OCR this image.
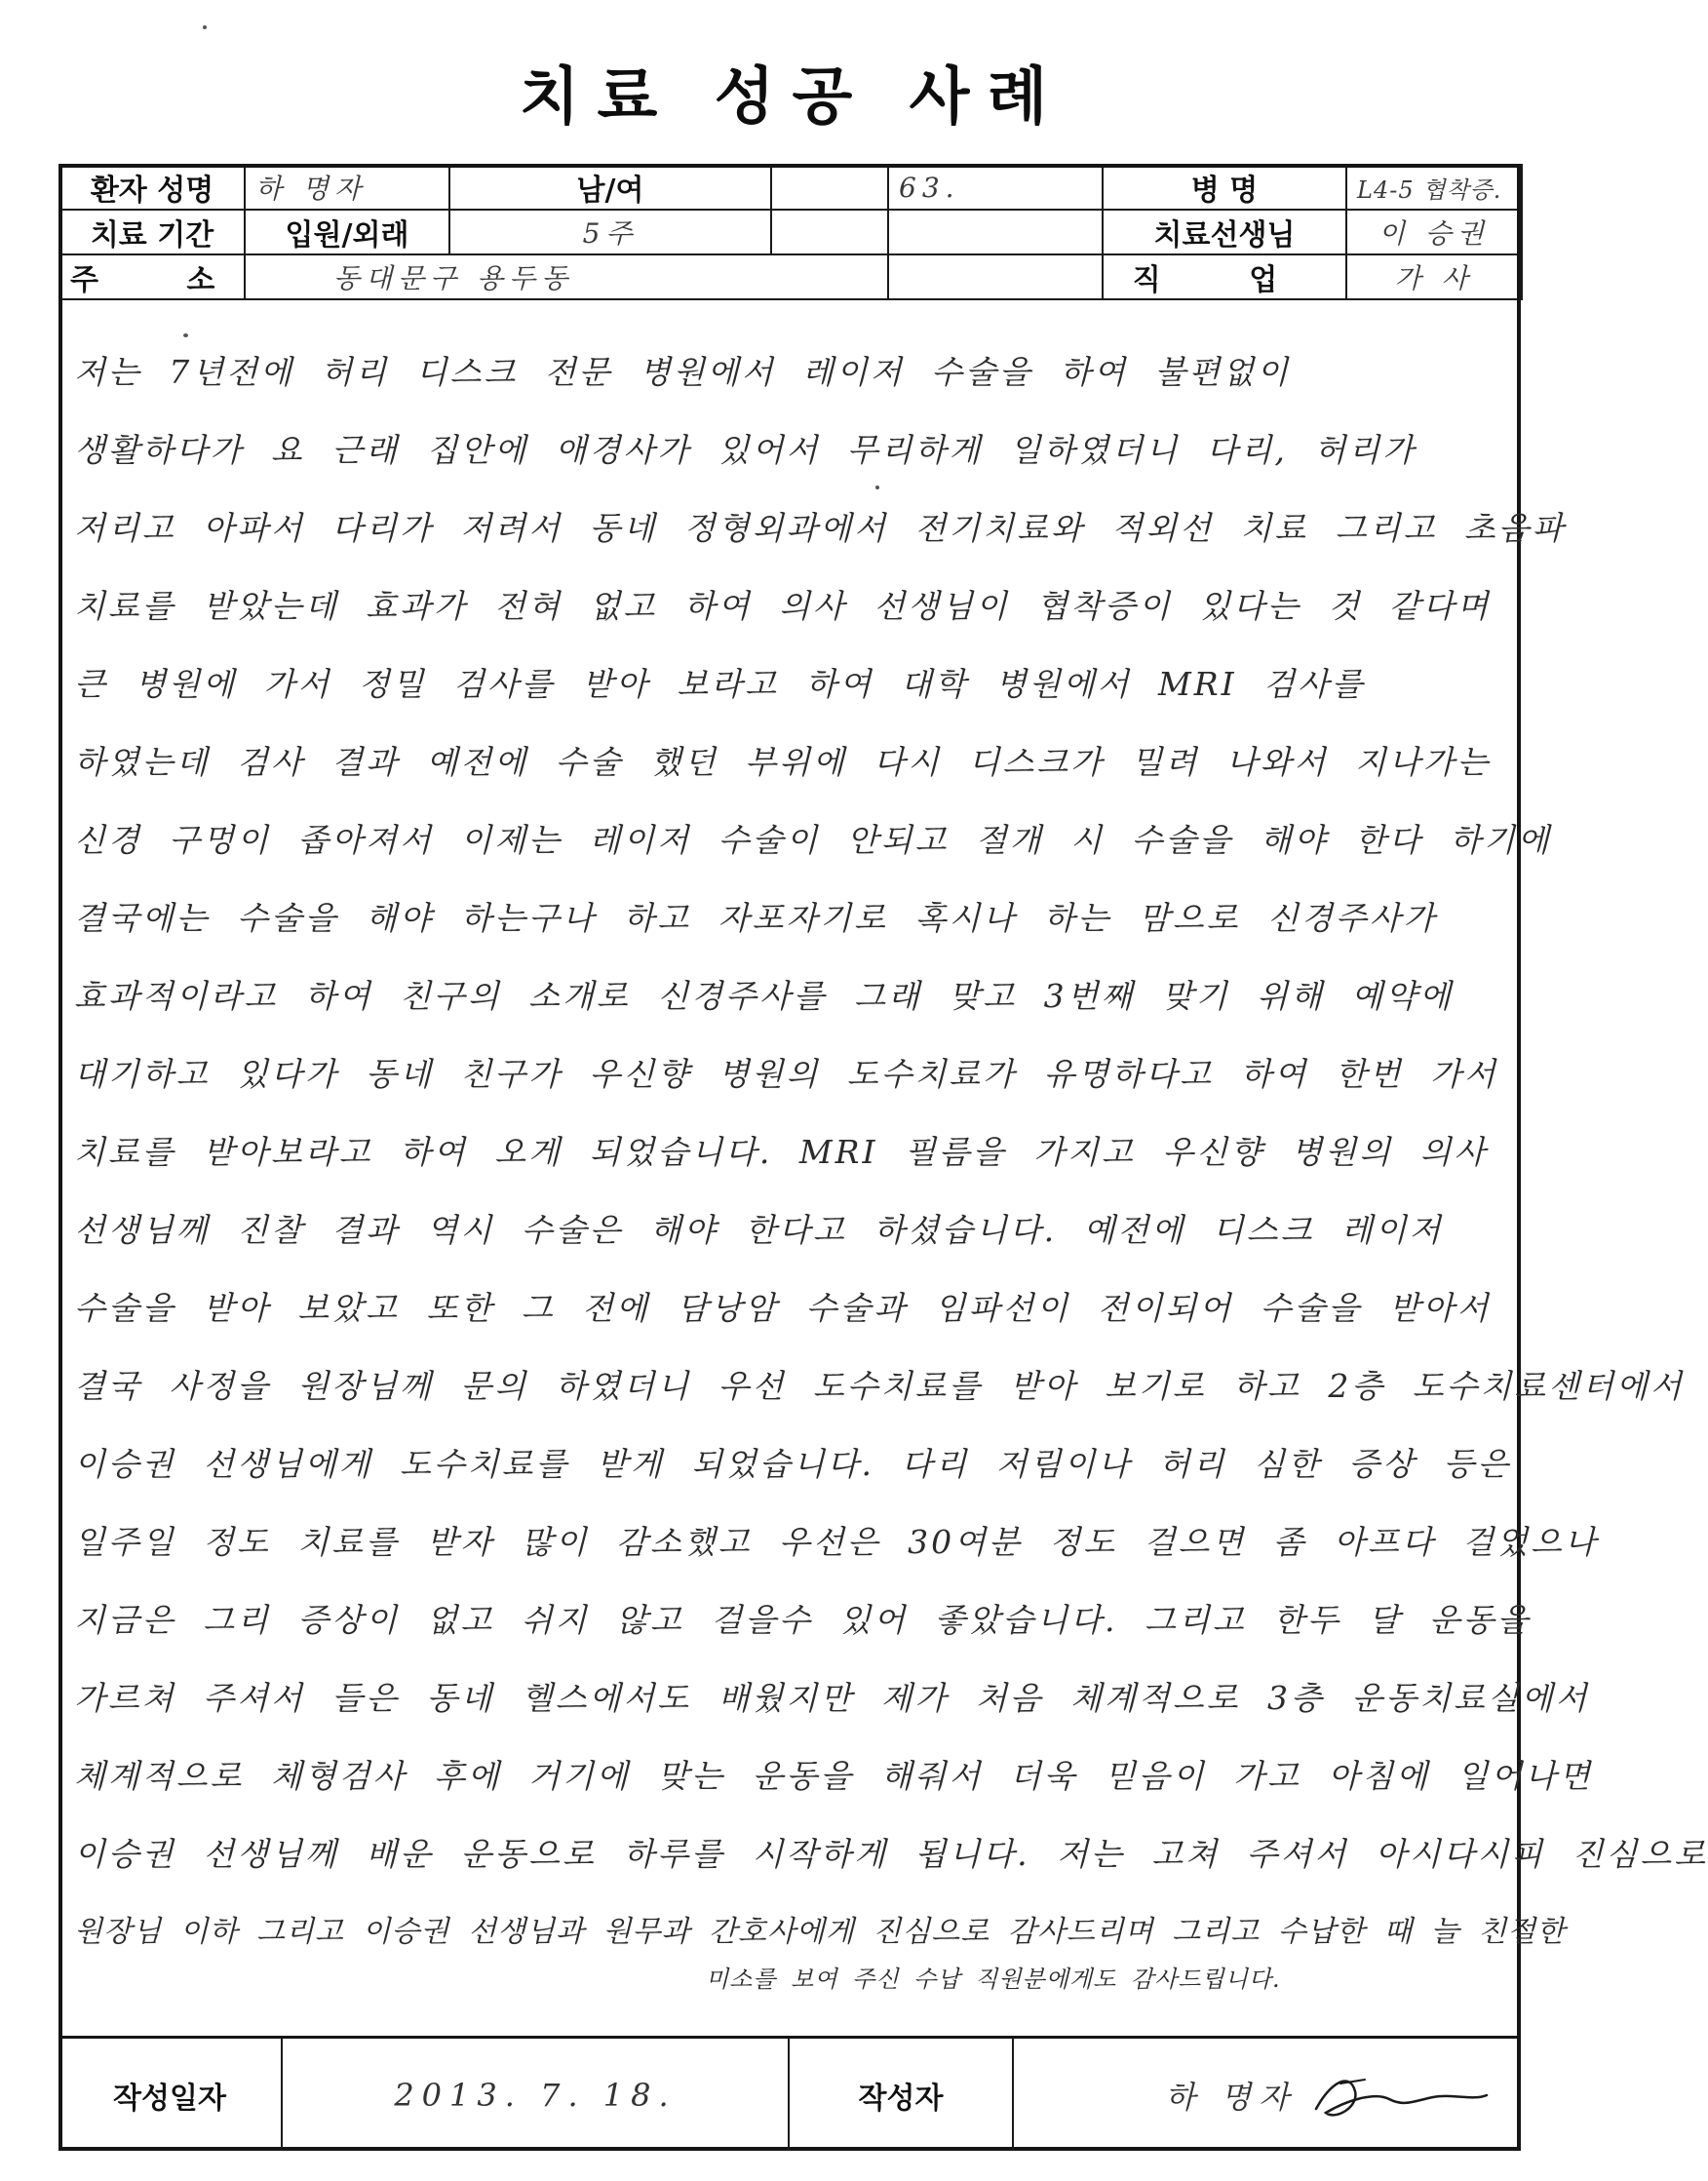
치료 성공 사례
환자 성명	하 명자	남/여		63.	병 명	L4-5 협착증.
치료 기간	입원/외래	5주			치료선생님	이 승권
주 소	동대문구 용두동				직 업	가 사
저는 7년전에 허리 디스크 전문 병원에서 레이저 수술을 하여 불편없이
생활하다가 요 근래 집안에 애경사가 있어서 무리하게 일하였더니 다리, 허리가
저리고 아파서 다리가 저려서 동네 정형외과에서 전기치료와 적외선 치료 그리고 초음파
치료를 받았는데 효과가 전혀 없고 하여 의사 선생님이 협착증이 있다는 것 같다며
큰 병원에 가서 정밀 검사를 받아 보라고 하여 대학 병원에서 MRI 검사를
하였는데 검사 결과 예전에 수술 했던 부위에 다시 디스크가 밀려 나와서 지나가는
신경 구멍이 좁아져서 이제는 레이저 수술이 안되고 절개 시 수술을 해야 한다 하기에
결국에는 수술을 해야 하는구나 하고 자포자기로 혹시나 하는 맘으로 신경주사가
효과적이라고 하여 친구의 소개로 신경주사를 그래 맞고 3번째 맞기 위해 예약에
대기하고 있다가 동네 친구가 우신향 병원의 도수치료가 유명하다고 하여 한번 가서
치료를 받아보라고 하여 오게 되었습니다. MRI 필름을 가지고 우신향 병원의 의사
선생님께 진찰 결과 역시 수술은 해야 한다고 하셨습니다. 예전에 디스크 레이저
수술을 받아 보았고 또한 그 전에 담낭암 수술과 임파선이 전이되어 수술을 받아서
결국 사정을 원장님께 문의 하였더니 우선 도수치료를 받아 보기로 하고 2층 도수치료센터에서
이승권 선생님에게 도수치료를 받게 되었습니다. 다리 저림이나 허리 심한 증상 등은
일주일 정도 치료를 받자 많이 감소했고 우선은 30여분 정도 걸으면 좀 아프다 걸었으나
지금은 그리 증상이 없고 쉬지 않고 걸을수 있어 좋았습니다. 그리고 한두 달 운동을
가르쳐 주셔서 들은 동네 헬스에서도 배웠지만 제가 처음 체계적으로 3층 운동치료실에서
체계적으로 체형검사 후에 거기에 맞는 운동을 해줘서 더욱 믿음이 가고 아침에 일어나면
이승권 선생님께 배운 운동으로 하루를 시작하게 됩니다. 저는 고쳐 주셔서 아시다시피 진심으로
원장님 이하 그리고 이승권 선생님과 원무과 간호사에게 진심으로 감사드리며 그리고 수납한 때 늘 친절한
미소를 보여 주신 수납 직원분에게도 감사드립니다.
작성일자	2013. 7. 18.	작성자	하 명자
